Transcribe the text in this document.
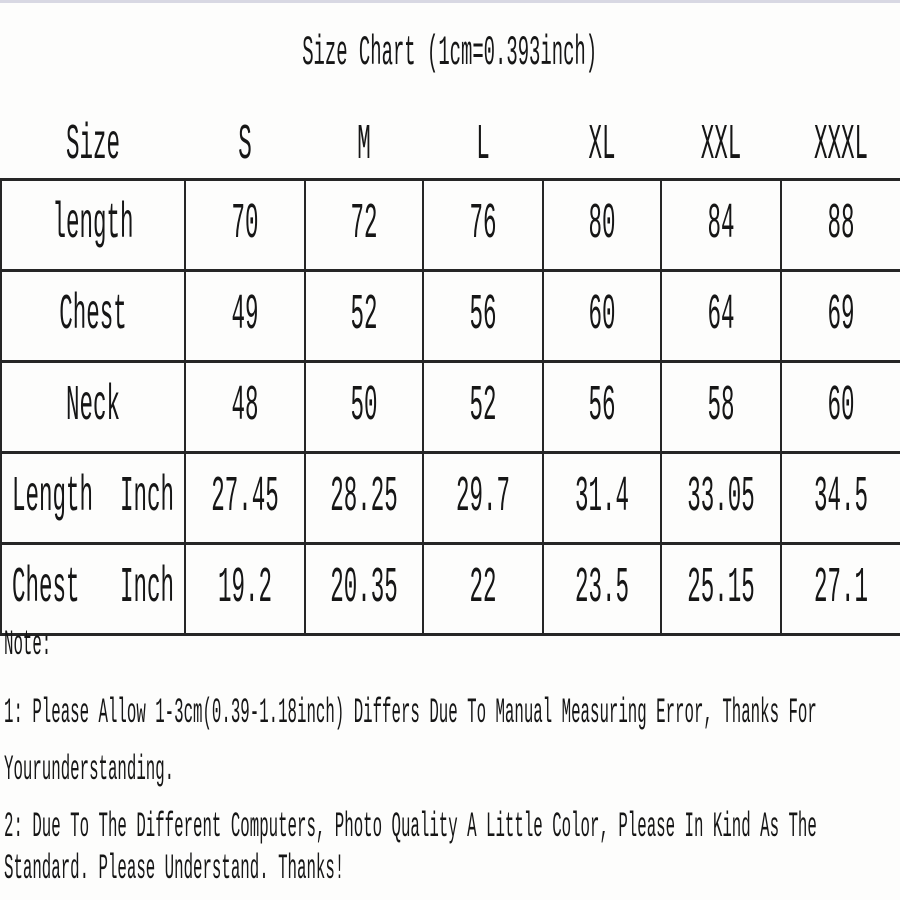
Size Chart (1cm=0.393inch)
Size	S	M	L	XL	XXL	XXXL

length	70	72	76	80	84	88

Chest	49	52	56	60	64	69

Neck	48	50	52	56	58	60

Length  Inch	27.45	28.25	29.7	31.4	33.05	34.5

Chest   Inch	19.2	20.35	22	23.5	25.15	27.1
Note:
1: Please Allow 1-3cm(0.39-1.18inch) Differs Due To Manual Measuring Error, Thanks For
Yourunderstanding.
2: Due To The Different Computers, Photo Quality A Little Color, Please In Kind As The
Standard. Please Understand. Thanks!
